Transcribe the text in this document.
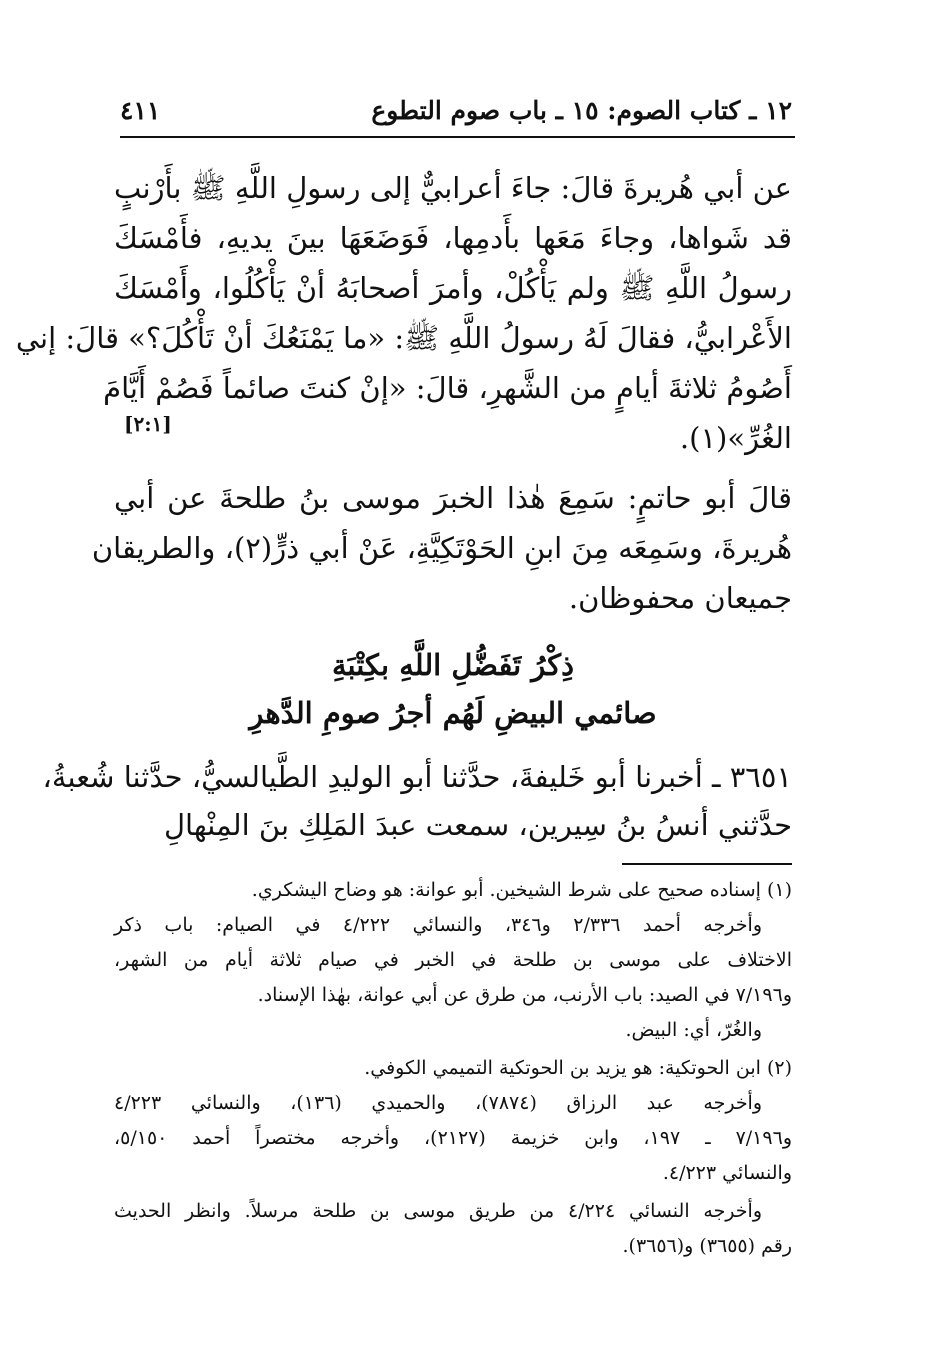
١٢ ـ كتاب الصوم: ١٥ ـ باب صوم التطوع
٤١١
عن أبي هُريرةَ قالَ: جاءَ أعرابيٌّ إلى رسولِ اللَّهِ ﷺ بأَرْنبٍ
قد شَواها، وجاءَ مَعَها بأَدمِها، فَوَضَعَهَا بينَ يديهِ، فأَمْسَكَ
رسولُ اللَّهِ ﷺ ولم يَأْكُلْ، وأمرَ أصحابَهُ أنْ يَأْكُلُوا، وأَمْسَكَ
الأَعْرابيُّ، فقالَ لَهُ رسولُ اللَّهِ ﷺ: «ما يَمْنَعُكَ أنْ تَأْكُلَ؟» قالَ: إني
أَصُومُ ثلاثةَ أيامٍ من الشَّهرِ، قالَ: «إنْ كنتَ صائماً فَصُمْ أَيَّامَ
الغُرِّ»(١).
[٢:١]
قالَ أبو حاتمٍ: سَمِعَ هٰذا الخبرَ موسى بنُ طلحةَ عن أبي
هُريرةَ، وسَمِعَه مِنَ ابنِ الحَوْتَكِيَّةِ، عَنْ أبي ذرٍّ(٢)، والطريقان
جميعان محفوظان.
ذِكْرُ تَفَضُّلِ اللَّهِ بكِتْبَةِ
صائمي البيضِ لَهُم أجرُ صومِ الدَّهرِ
٣٦٥١ ـ أخبرنا أبو خَليفةَ، حدَّثنا أبو الوليدِ الطَّيالسيُّ، حدَّثنا شُعبةُ،
حدَّثني أنسُ بنُ سِيرين، سمعت عبدَ المَلِكِ بنَ المِنْهالِ
(١) إسناده صحيح على شرط الشيخين. أبو عوانة: هو وضاح اليشكري.
وأخرجه أحمد ٢/٣٣٦ و٣٤٦، والنسائي ٤/٢٢٢ في الصيام: باب ذكر
الاختلاف على موسى بن طلحة في الخبر في صيام ثلاثة أيام من الشهر،
و٧/١٩٦ في الصيد: باب الأرنب، من طرق عن أبي عوانة، بهٰذا الإسناد.
والغُرّ، أي: البيض.
(٢) ابن الحوتكية: هو يزيد بن الحوتكية التميمي الكوفي.
وأخرجه عبد الرزاق (٧٨٧٤)، والحميدي (١٣٦)، والنسائي ٤/٢٢٣
و٧/١٩٦ ـ ١٩٧، وابن خزيمة (٢١٢٧)، وأخرجه مختصراً أحمد ٥/١٥٠،
والنسائي ٤/٢٢٣.
وأخرجه النسائي ٤/٢٢٤ من طريق موسى بن طلحة مرسلاً. وانظر الحديث
رقم (٣٦٥٥) و(٣٦٥٦).
